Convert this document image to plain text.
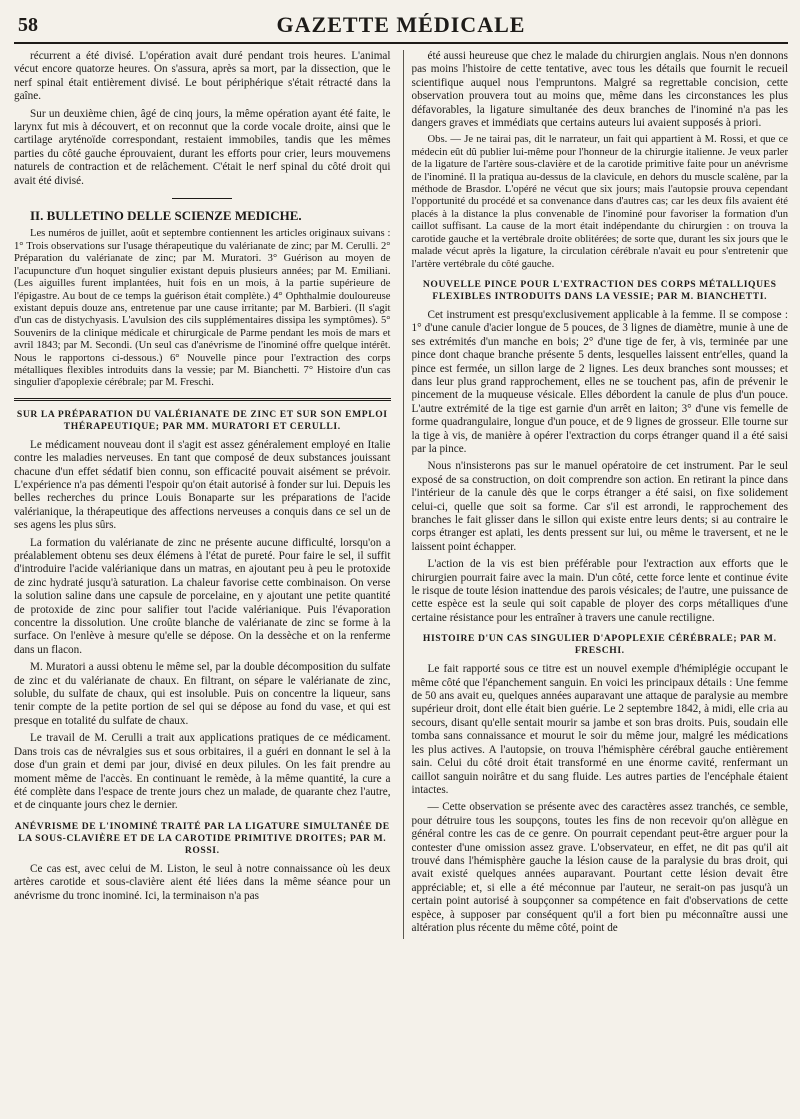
58	GAZETTE MÉDICALE

récurrent a été divisé. L'opération avait duré pendant trois heures. L'animal vécut encore quatorze heures. On s'assura, après sa mort, par la dissection, que le nerf spinal était entièrement divisé. Le bout périphérique s'était rétracté dans la gaîne.

Sur un deuxième chien, âgé de cinq jours, la même opération ayant été faite, le larynx fut mis à découvert, et on reconnut que la corde vocale droite, ainsi que le cartilage aryténoïde correspondant, restaient immobiles, tandis que les mêmes parties du côté gauche éprouvaient, durant les efforts pour crier, leurs mouvemens naturels de contraction et de relâchement. C'était le nerf spinal du côté droit qui avait été divisé.

II. BULLETINO DELLE SCIENZE MEDICHE.

Les numéros de juillet, août et septembre contiennent les articles originaux suivans : 1° Trois observations sur l'usage thérapeutique du valérianate de zinc; par M. Cerulli. 2° Préparation du valérianate de zinc; par M. Muratori. 3° Guérison au moyen de l'acupuncture d'un hoquet singulier existant depuis plusieurs années; par M. Emiliani. (Les aiguilles furent implantées, huit fois en un mois, à la partie supérieure de l'épigastre. Au bout de ce temps la guérison était complète.) 4° Ophthalmie douloureuse existant depuis douze ans, entretenue par une cause irritante; par M. Barbieri. (Il s'agit d'un cas de distychyasis. L'avulsion des cils supplémentaires dissipa les symptômes). 5° Souvenirs de la clinique médicale et chirurgicale de Parme pendant les mois de mars et avril 1843; par M. Secondi. (Un seul cas d'anévrisme de l'inominé offre quelque intérêt. Nous le rapportons ci-dessous.) 6° Nouvelle pince pour l'extraction des corps métalliques flexibles introduits dans la vessie; par M. Bianchetti. 7° Histoire d'un cas singulier d'apoplexie cérébrale; par M. Freschi.

SUR LA PRÉPARATION DU VALÉRIANATE DE ZINC ET SUR SON EMPLOI THÉRAPEUTIQUE; PAR MM. MURATORI ET CERULLI.

Le médicament nouveau dont il s'agit est assez généralement employé en Italie contre les maladies nerveuses. En tant que composé de deux substances jouissant chacune d'un effet sédatif bien connu, son efficacité pouvait aisément se prévoir. L'expérience n'a pas démenti l'espoir qu'on était autorisé à fonder sur lui. Depuis les belles recherches du prince Louis Bonaparte sur les préparations de l'acide valérianique, la thérapeutique des affections nerveuses a conquis dans ce sel un de ses agens les plus sûrs.

La formation du valérianate de zinc ne présente aucune difficulté, lorsqu'on a préalablement obtenu ses deux élémens à l'état de pureté. Pour faire le sel, il suffit d'introduire l'acide valérianique dans un matras, en ajoutant peu à peu le protoxide de zinc hydraté jusqu'à saturation. La chaleur favorise cette combinaison. On verse la solution saline dans une capsule de porcelaine, en y ajoutant une petite quantité de protoxide de zinc pour salifier tout l'acide valérianique. Puis l'évaporation concentre la dissolution. Une croûte blanche de valérianate de zinc se forme à la surface. On l'enlève à mesure qu'elle se dépose. On la dessèche et on la renferme dans un flacon.

M. Muratori a aussi obtenu le même sel, par la double décomposition du sulfate de zinc et du valérianate de chaux. En filtrant, on sépare le valérianate de zinc, soluble, du sulfate de chaux, qui est insoluble. Puis on concentre la liqueur, sans tenir compte de la petite portion de sel qui se dépose au fond du vase, et qui est presque en totalité du sulfate de chaux.

Le travail de M. Cerulli a trait aux applications pratiques de ce médicament. Dans trois cas de névralgies sus et sous orbitaires, il a guéri en donnant le sel à la dose d'un grain et demi par jour, divisé en deux pilules. On les fait prendre au moment même de l'accès. En continuant le remède, à la même quantité, la cure a été complète dans l'espace de trente jours chez un malade, de quarante chez l'autre, et de cinquante jours chez le dernier.

ANÉVRISME DE L'INOMINÉ TRAITÉ PAR LA LIGATURE SIMULTANÉE DE LA SOUS-CLAVIÈRE ET DE LA CAROTIDE PRIMITIVE DROITES; PAR M. ROSSI.

Ce cas est, avec celui de M. Liston, le seul à notre connaissance où les deux artères carotide et sous-clavière aient été liées dans la même séance pour un anévrisme du tronc inominé. Ici, la terminaison n'a pas

été aussi heureuse que chez le malade du chirurgien anglais. Nous n'en donnons pas moins l'histoire de cette tentative, avec tous les détails que fournit le recueil scientifique auquel nous l'empruntons. Malgré sa regrettable concision, cette observation prouvera tout au moins que, même dans les circonstances les plus défavorables, la ligature simultanée des deux branches de l'inominé n'a pas les dangers graves et immédiats que certains auteurs lui avaient supposés à priori.

Obs. — Je ne tairai pas, dit le narrateur, un fait qui appartient à M. Rossi, et que ce médecin eût dû publier lui-même pour l'honneur de la chirurgie italienne. Je veux parler de la ligature de l'artère sous-clavière et de la carotide primitive faite pour un anévrisme de l'inominé. Il la pratiqua au-dessus de la clavicule, en dehors du muscle scalène, par la méthode de Brasdor. L'opéré ne vécut que six jours; mais l'autopsie prouva cependant l'opportunité du procédé et sa convenance dans d'autres cas; car les deux fils avaient été placés à la distance la plus convenable de l'inominé pour favoriser la formation d'un caillot suffisant. La cause de la mort était indépendante du chirurgien : on trouva la carotide gauche et la vertébrale droite oblitérées; de sorte que, durant les six jours que le malade vécut après la ligature, la circulation cérébrale n'avait eu pour s'entretenir que l'artère vertébrale du côté gauche.

NOUVELLE PINCE POUR L'EXTRACTION DES CORPS MÉTALLIQUES FLEXIBLES INTRODUITS DANS LA VESSIE; PAR M. BIANCHETTI.

Cet instrument est presqu'exclusivement applicable à la femme. Il se compose : 1° d'une canule d'acier longue de 5 pouces, de 3 lignes de diamètre, munie à une de ses extrémités d'un manche en bois; 2° d'une tige de fer, à vis, terminée par une pince dont chaque branche présente 5 dents, lesquelles laissent entr'elles, quand la pince est fermée, un sillon large de 2 lignes. Les deux branches sont mousses; et dans leur plus grand rapprochement, elles ne se touchent pas, afin de prévenir le pincement de la muqueuse vésicale. Elles débordent la canule de plus d'un pouce. L'autre extrémité de la tige est garnie d'un arrêt en laiton; 3° d'une vis femelle de forme quadrangulaire, longue d'un pouce, et de 9 lignes de grosseur. Elle tourne sur la tige à vis, de manière à opérer l'extraction du corps étranger quand il a été saisi par la pince.

Nous n'insisterons pas sur le manuel opératoire de cet instrument. Par le seul exposé de sa construction, on doit comprendre son action. En retirant la pince dans l'intérieur de la canule dès que le corps étranger a été saisi, on fixe solidement celui-ci, quelle que soit sa forme. Car s'il est arrondi, le rapprochement des branches le fait glisser dans le sillon qui existe entre leurs dents; si au contraire le corps étranger est aplati, les dents pressent sur lui, ou même le traversent, et ne le laissent point échapper.

L'action de la vis est bien préférable pour l'extraction aux efforts que le chirurgien pourrait faire avec la main. D'un côté, cette force lente et continue évite le risque de toute lésion inattendue des parois vésicales; de l'autre, une puissance de cette espèce est la seule qui soit capable de ployer des corps métalliques d'une certaine résistance pour les entraîner à travers une canule rectiligne.

HISTOIRE D'UN CAS SINGULIER D'APOPLEXIE CÉRÉBRALE; PAR M. FRESCHI.

Le fait rapporté sous ce titre est un nouvel exemple d'hémiplégie occupant le même côté que l'épanchement sanguin. En voici les principaux détails : Une femme de 50 ans avait eu, quelques années auparavant une attaque de paralysie au membre supérieur droit, dont elle était bien guérie. Le 2 septembre 1842, à midi, elle cria au secours, disant qu'elle sentait mourir sa jambe et son bras droits. Puis, soudain elle tomba sans connaissance et mourut le soir du même jour, malgré les médications les plus actives. A l'autopsie, on trouva l'hémisphère cérébral gauche entièrement sain. Celui du côté droit était transformé en une énorme cavité, renfermant un caillot sanguin noirâtre et du sang fluide. Les autres parties de l'encéphale étaient intactes.

— Cette observation se présente avec des caractères assez tranchés, ce semble, pour détruire tous les soupçons, toutes les fins de non recevoir qu'on allègue en général contre les cas de ce genre. On pourrait cependant peut-être arguer pour la contester d'une omission assez grave. L'observateur, en effet, ne dit pas qu'il ait trouvé dans l'hémisphère gauche la lésion cause de la paralysie du bras droit, qui avait existé quelques années auparavant. Pourtant cette lésion devait être appréciable; et, si elle a été méconnue par l'auteur, ne serait-on pas jusqu'à un certain point autorisé à soupçonner sa compétence en fait d'observations de cette espèce, à supposer par conséquent qu'il a fort bien pu méconnaître aussi une altération plus récente du même côté, point de
